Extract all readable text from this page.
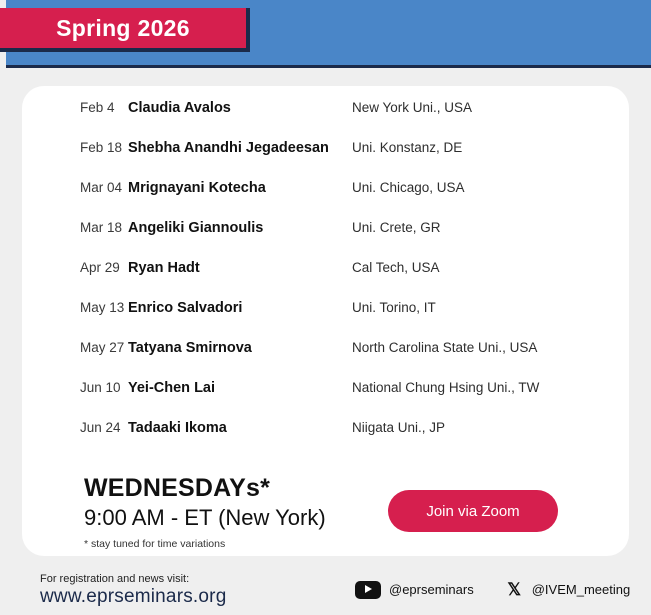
Spring 2026
Feb 4 Claudia Avalos	New York Uni., USA
Feb 18 Shebha Anandhi Jegadeesan	Uni. Konstanz, DE
Mar 04 Mrignayani Kotecha	Uni. Chicago, USA
Mar 18 Angeliki Giannoulis	Uni. Crete, GR
Apr 29 Ryan Hadt	Cal Tech, USA
May 13 Enrico Salvadori	Uni. Torino, IT
May 27 Tatyana Smirnova	North Carolina State Uni., USA
Jun 10 Yei-Chen Lai	National Chung Hsing Uni., TW
Jun 24 Tadaaki Ikoma	Niigata Uni., JP
WEDNESDAYs*
9:00 AM - ET (New York)
* stay tuned for time variations
Join via Zoom
For registration and news visit:
www.eprseminars.org	@eprseminars 𝕏 @IVEM_meeting
